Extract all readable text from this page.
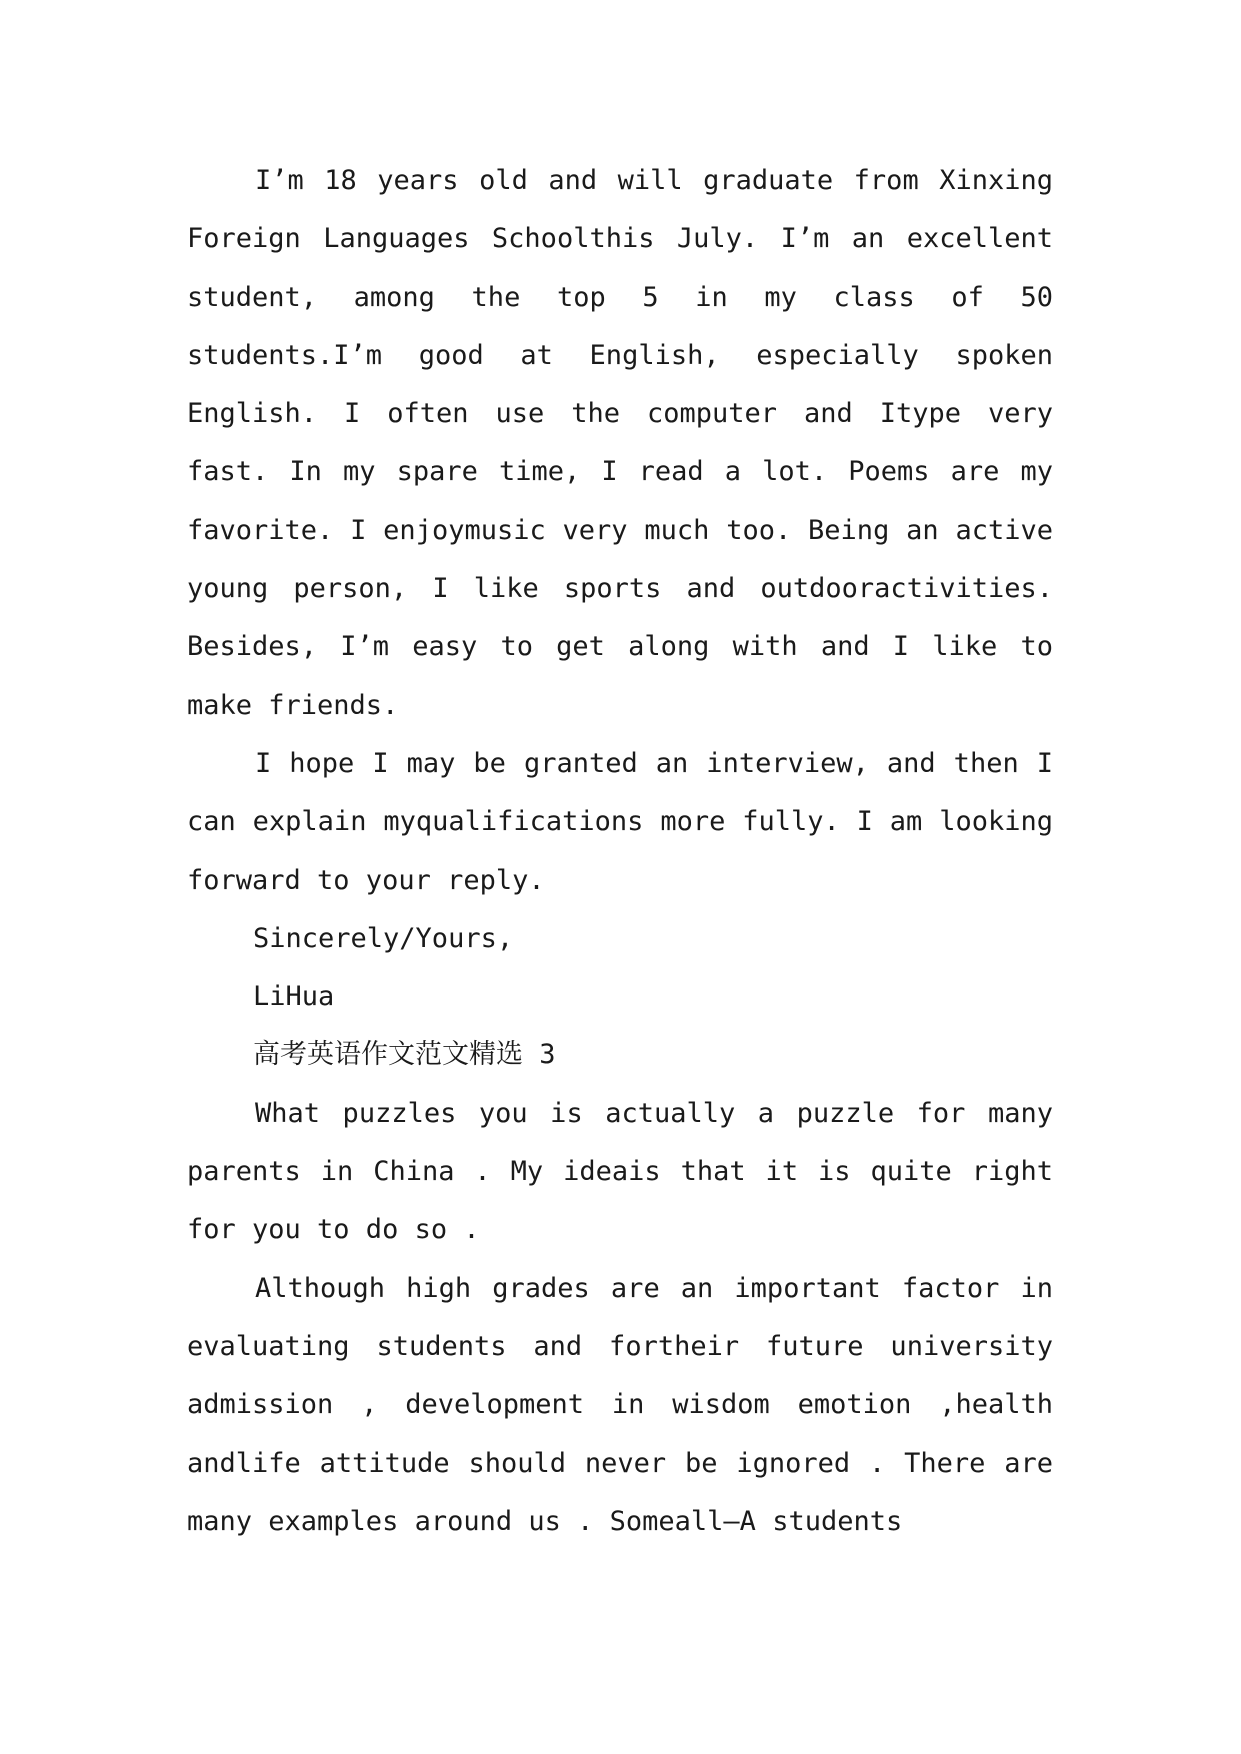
I’m 18 years old and will graduate from Xinxing Foreign Languages Schoolthis July. I’m an excellent student, among the top 5 in my class of 50 students.I’m good at English, especially spoken English. I often use the computer and Itype very fast. In my spare time, I read a lot. Poems are my favorite. I enjoymusic very much too. Being an active young person, I like sports and outdooractivities. Besides, I’m easy to get along with and I like to make friends.

I hope I may be granted an interview, and then I can explain myqualifications more fully. I am looking forward to your reply.

Sincerely/Yours,

LiHua

高考英语作文范文精选 3

What puzzles you is actually a puzzle for many parents in China . My ideais that it is quite right for you to do so .

Although high grades are an important factor in evaluating students and fortheir future university admission , development in wisdom emotion ,health andlife attitude should never be ignored . There are many examples around us . Someall—A students
